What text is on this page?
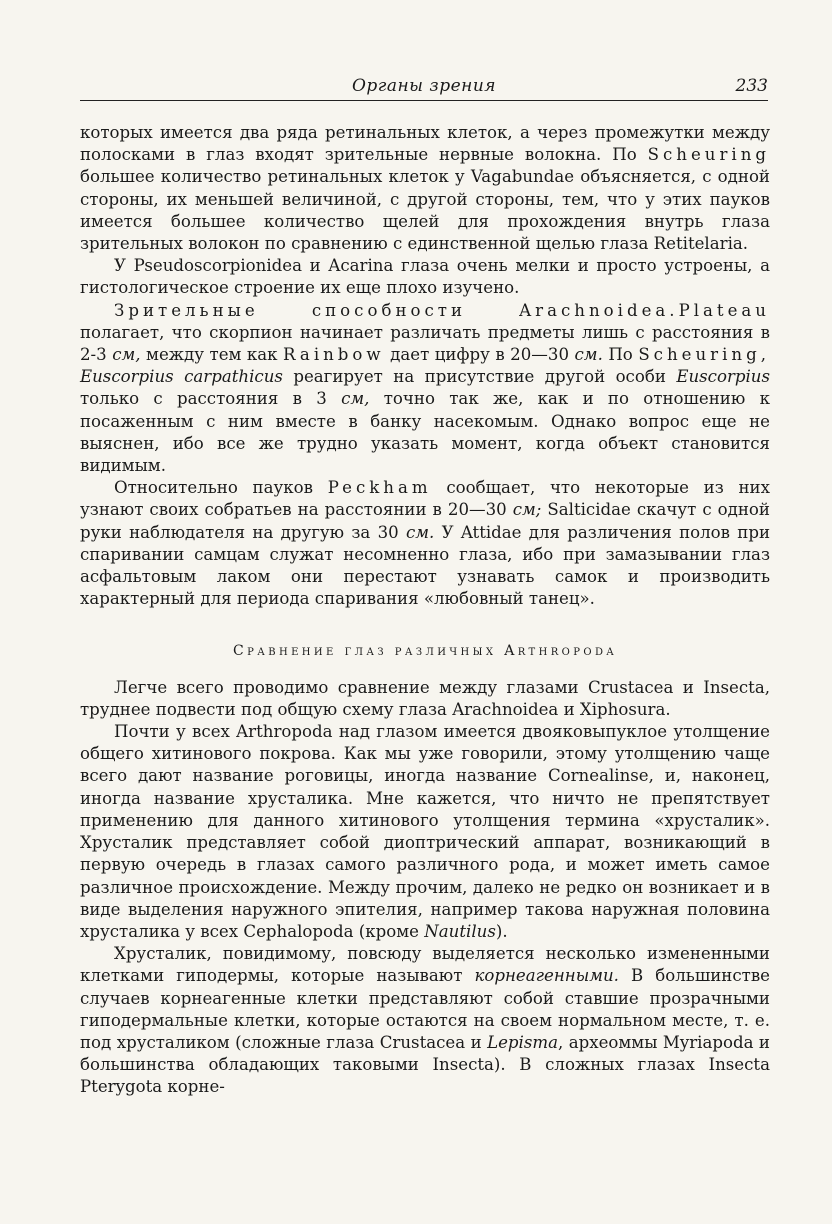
Органы зрения	233

которых имеется два ряда ретинальных клеток, а через промежутки между полосками в глаз входят зрительные нервные волокна. По Scheuring большее количество ретинальных клеток у Vagabundae объясняется, с одной стороны, их меньшей величиной, с другой стороны, тем, что у этих пауков имеется большее количество щелей для прохождения внутрь глаза зрительных волокон по сравнению с единственной щелью глаза Retitelaria.

У Pseudoscorpionidea и Acarina глаза очень мелки и просто устроены, а гистологическое строение их еще плохо изучено.

Зрительные способности Arachnoidea.Plateau полагает, что скорпион начинает различать предметы лишь с расстояния в 2-3 см, между тем как Rainbow дает цифру в 20—30 см. По Scheuring, Euscorpius carpathicus реагирует на присутствие другой особи Euscorpius только с расстояния в 3 см, точно так же, как и по отношению к посаженным с ним вместе в банку насекомым. Однако вопрос еще не выяснен, ибо все же трудно указать момент, когда объект становится видимым.

Относительно пауков Peckham сообщает, что некоторые из них узнают своих собратьев на расстоянии в 20—30 см; Salticidae скачут с одной руки наблюдателя на другую за 30 см. У Attidae для различения полов при спаривании самцам служат несомненно глаза, ибо при замазывании глаз асфальтовым лаком они перестают узнавать самок и производить характерный для периода спаривания «любовный танец».

Сравнение глаз различных Arthropoda

Легче всего проводимо сравнение между глазами Crustacea и Insecta, труднее подвести под общую схему глаза Arachnoidea и Xiphosura.

Почти у всех Arthropoda над глазом имеется двояковыпуклое утолщение общего хитинового покрова. Как мы уже говорили, этому утолщению чаще всего дают название роговицы, иногда название Cornealinse, и, наконец, иногда название хрусталика. Мне кажется, что ничто не препятствует применению для данного хитинового утолщения термина «хрусталик». Хрусталик представляет собой диоптрический аппарат, возникающий в первую очередь в глазах самого различного рода, и может иметь самое различное происхождение. Между прочим, далеко не редко он возникает и в виде выделения наружного эпителия, например такова наружная половина хрусталика у всех Cephalopoda (кроме Nautilus).

Хрусталик, повидимому, повсюду выделяется несколько измененными клетками гиподермы, которые называют корнеагенными. В большинстве случаев корнеагенные клетки представляют собой ставшие прозрачными гиподермальные клетки, которые остаются на своем нормальном месте, т. е. под хрусталиком (сложные глаза Crustacea и Lepisma, археоммы Myriapoda и большинства обладающих таковыми Insecta). В сложных глазах Insecta Pterygota корне-
